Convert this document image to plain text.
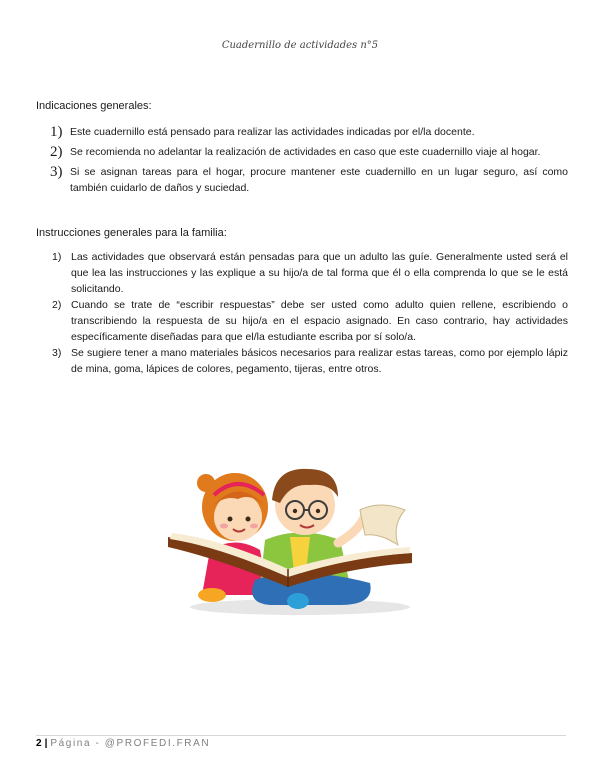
Cuadernillo de actividades n°5
Indicaciones generales:
1) Este cuadernillo está pensado para realizar las actividades indicadas por el/la docente.
2) Se recomienda no adelantar la realización de actividades en caso que este cuadernillo viaje al hogar.
3) Si se asignan tareas para el hogar, procure mantener este cuadernillo en un lugar seguro, así como también cuidarlo de daños y suciedad.
Instrucciones generales para la familia:
1) Las actividades que observará están pensadas para que un adulto las guíe. Generalmente usted será el que lea las instrucciones y las explique a su hijo/a de tal forma que él o ella comprenda lo que se le está solicitando.
2) Cuando se trate de “escribir respuestas” debe ser usted como adulto quien rellene, escribiendo o transcribiendo la respuesta de su hijo/a en el espacio asignado. En caso contrario, hay actividades específicamente diseñadas para que el/la estudiante escriba por sí solo/a.
3) Se sugiere tener a mano materiales básicos necesarios para realizar estas tareas, como por ejemplo lápiz de mina, goma, lápices de colores, pegamento, tijeras, entre otros.
2 | Página - @PROFEDI.FRAN
